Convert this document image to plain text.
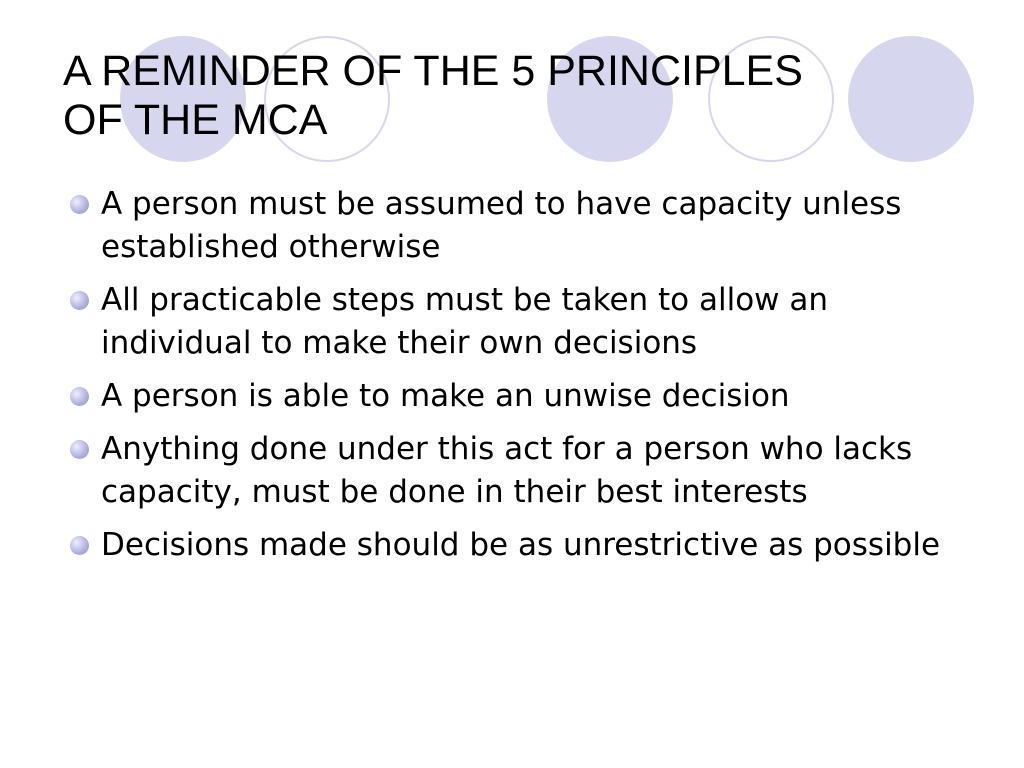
A REMINDER OF THE 5 PRINCIPLES
OF THE MCA
A person must be assumed to have capacity unless established otherwise
All practicable steps must be taken to allow an individual to make their own decisions
A person is able to make an unwise decision
Anything done under this act for a person who lacks capacity, must be done in their best interests
Decisions made should be as unrestrictive as possible
